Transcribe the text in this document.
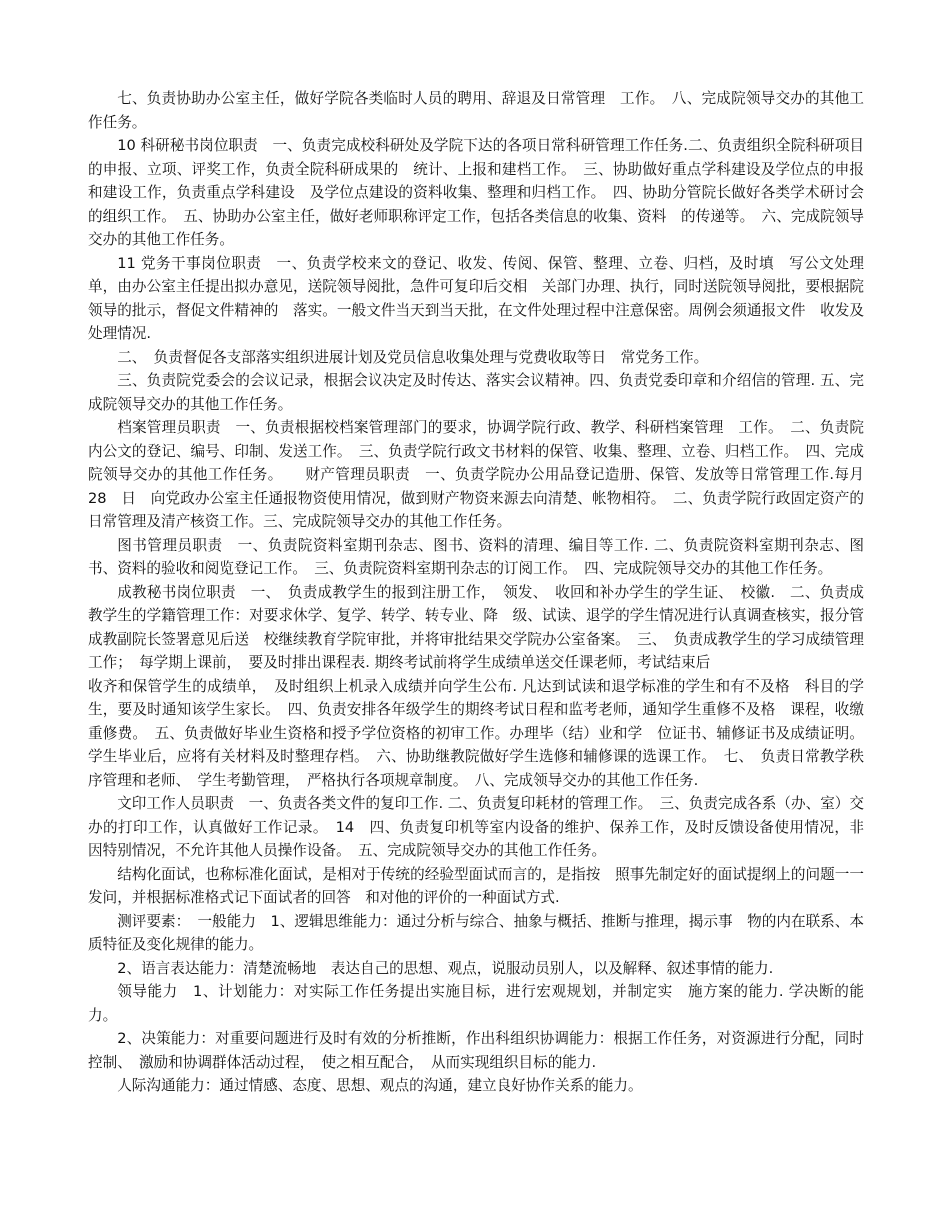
七、负责协助办公室主任，做好学院各类临时人员的聘用、辞退及日常管理　工作。　八、完成院领导交办的其他工作任务。

10 科研秘书岗位职责　一、负责完成校科研处及学院下达的各项日常科研管理工作任务.二、负责组织全院科研项目的申报、立项、评奖工作，负责全院科研成果的　统计、上报和建档工作。　三、协助做好重点学科建设及学位点的申报和建设工作，负责重点学科建设　及学位点建设的资料收集、整理和归档工作。　四、协助分管院长做好各类学术研讨会的组织工作。　五、协助办公室主任，做好老师职称评定工作，包括各类信息的收集、资料　的传递等。　六、完成院领导交办的其他工作任务。

11 党务干事岗位职责　一、负责学校来文的登记、收发、传阅、保管、整理、立卷、归档，及时填　写公文处理单，由办公室主任提出拟办意见，送院领导阅批，急件可复印后交相　关部门办理、执行，同时送院领导阅批，要根据院领导的批示，督促文件精神的　落实。一般文件当天到当天批，在文件处理过程中注意保密。周例会须通报文件　收发及处理情况.

二、　负责督促各支部落实组织进展计划及党员信息收集处理与党费收取等日　常党务工作。

三、负责院党委会的会议记录，根据会议决定及时传达、落实会议精神。四、负责党委印章和介绍信的管理. 五、完成院领导交办的其他工作任务。

档案管理员职责　一、负责根据校档案管理部门的要求，协调学院行政、教学、科研档案管理　工作。　二、负责院内公文的登记、编号、印制、发送工作。　三、负责学院行政文书材料的保管、收集、整理、立卷、归档工作。　四、完成院领导交办的其他工作任务。　　财产管理员职责　一、负责学院办公用品登记造册、保管、发放等日常管理工作.每月　28　日　向党政办公室主任通报物资使用情况，做到财产物资来源去向清楚、帐物相符。　二、负责学院行政固定资产的日常管理及清产核资工作。三、完成院领导交办的其他工作任务。

图书管理员职责　一、负责院资料室期刊杂志、图书、资料的清理、编目等工作. 二、负责院资料室期刊杂志、图书、资料的验收和阅览登记工作。　三、负责院资料室期刊杂志的订阅工作。　四、完成院领导交办的其他工作任务。

成教秘书岗位职责　一、　负责成教学生的报到注册工作，　领发、　收回和补办学生的学生证、　校徽.　二、负责成教学生的学籍管理工作：对要求休学、复学、转学、转专业、降　级、试读、退学的学生情况进行认真调查核实，报分管成教副院长签署意见后送　校继续教育学院审批，并将审批结果交学院办公室备案。　三、　负责成教学生的学习成绩管理工作；　每学期上课前，　要及时排出课程表. 期终考试前将学生成绩单送交任课老师，考试结束后

收齐和保管学生的成绩单，　及时组织上机录入成绩并向学生公布. 凡达到试读和退学标准的学生和有不及格　科目的学生，要及时通知该学生家长。　四、负责安排各年级学生的期终考试日程和监考老师，通知学生重修不及格　课程，收缴重修费。　五、负责做好毕业生资格和授予学位资格的初审工作。办理毕（结）业和学　位证书、辅修证书及成绩证明。学生毕业后，应将有关材料及时整理存档。　六、协助继教院做好学生选修和辅修课的选课工作。　七、　负责日常教学秩序管理和老师、　学生考勤管理，　严格执行各项规章制度。　八、完成领导交办的其他工作任务.

文印工作人员职责　一、负责各类文件的复印工作. 二、负责复印耗材的管理工作。　三、负责完成各系（办、室）交办的打印工作，认真做好工作记录。　14　四、负责复印机等室内设备的维护、保养工作，及时反馈设备使用情况，非　因特别情况，不允许其他人员操作设备。　五、完成院领导交办的其他工作任务。

结构化面试，也称标准化面试，是相对于传统的经验型面试而言的，是指按　照事先制定好的面试提纲上的问题一一发问，并根据标准格式记下面试者的回答　和对他的评价的一种面试方式.

测评要素：　一般能力　1、逻辑思维能力：通过分析与综合、抽象与概括、推断与推理，揭示事　物的内在联系、本质特征及变化规律的能力。

2、语言表达能力：清楚流畅地　表达自己的思想、观点，说服动员别人，以及解释、叙述事情的能力.

领导能力　1、计划能力：对实际工作任务提出实施目标，进行宏观规划，并制定实　施方案的能力. 学决断的能力。

2、决策能力：对重要问题进行及时有效的分析推断，作出科组织协调能力：根据工作任务，对资源进行分配，同时控制、　激励和协调群体活动过程，　使之相互配合，　从而实现组织目标的能力.

人际沟通能力：通过情感、态度、思想、观点的沟通，建立良好协作关系的能力。
